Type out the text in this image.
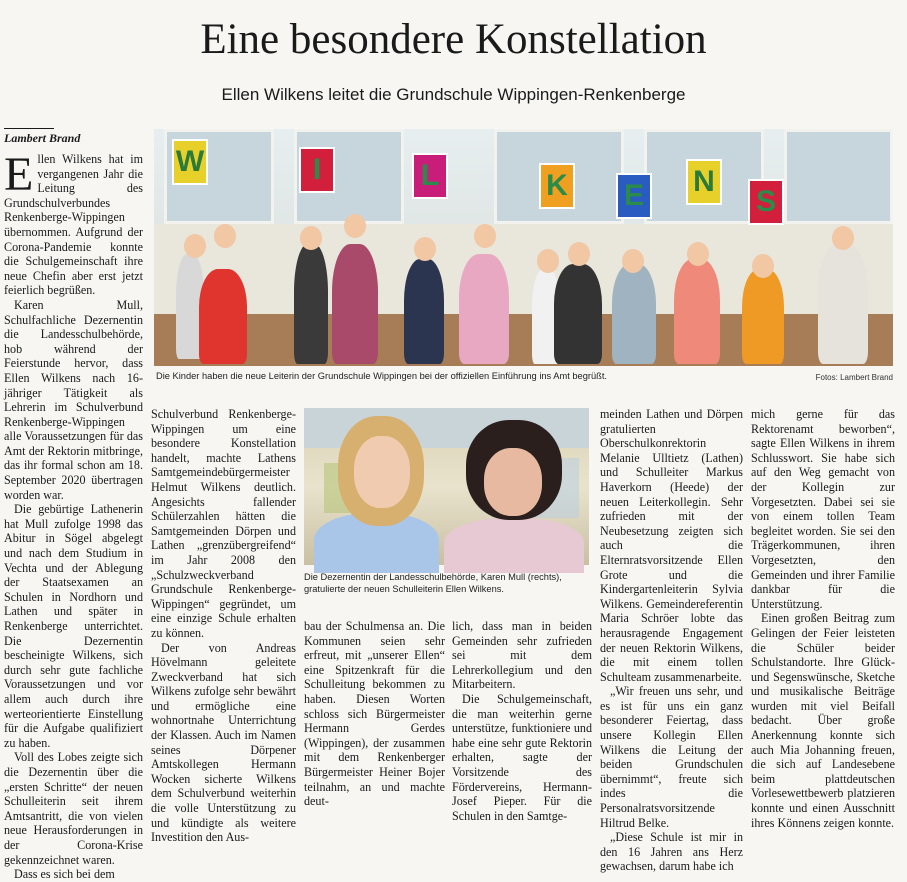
Eine besondere Konstellation
Ellen Wilkens leitet die Grundschule Wippingen-Renkenberge
Lambert Brand
W	I	L	K E N
S
Die Kinder haben die neue Leiterin der Grundschule Wippingen bei der offiziellen Einführung ins Amt begrüßt.	Fotos: Lambert Brand
Die Dezernentin der Landesschulbehörde, Karen Mull (rechts), gratulierte der neuen Schulleiterin Ellen Wilkens.

Ellen Wilkens hat im vergangenen Jahr die Leitung des Grundschulverbundes Renkenberge-Wippingen übernommen. Aufgrund der Corona-Pandemie konnte die Schulgemeinschaft ihre neue Chefin aber erst jetzt feierlich begrüßen.

Karen Mull, Schulfachliche Dezernentin die Landesschulbehörde, hob während der Feierstunde hervor, dass Ellen Wilkens nach 16-jähriger Tätigkeit als Lehrerin im Schulverbund Renkenberge-Wippingen alle Voraussetzungen für das Amt der Rektorin mitbringe, das ihr formal schon am 18. September 2020 übertragen worden war.

Die gebürtige Lathenerin hat Mull zufolge 1998 das Abitur in Sögel abgelegt und nach dem Studium in Vechta und der Ablegung der Staatsexamen an Schulen in Nordhorn und Lathen und später in Renkenberge unterrichtet. Die Dezernentin bescheinigte Wilkens, sich durch sehr gute fachliche Voraussetzungen und vor allem auch durch ihre werteorientierte Einstellung für die Aufgabe qualifiziert zu haben.

Voll des Lobes zeigte sich die Dezernentin über die „ersten Schritte“ der neuen Schulleiterin seit ihrem Amtsantritt, die von vielen neue Herausforderungen in der Corona-Krise gekennzeichnet waren.

Dass es sich bei dem

Schulverbund Renkenberge-Wippingen um eine besondere Konstellation handelt, machte Lathens Samtgemeindebürgermeister Helmut Wilkens deutlich. Angesichts fallender Schülerzahlen hätten die Samtgemeinden Dörpen und Lathen „grenzübergreifend“ im Jahr 2008 den „Schulzweckverband Grundschule Renkenberge-Wippingen“ gegründet, um eine einzige Schule erhalten zu können.

Der von Andreas Hövelmann geleitete Zweckverband hat sich Wilkens zufolge sehr bewährt und ermögliche eine wohnortnahe Unterrichtung der Klassen. Auch im Namen seines Dörpener Amtskollegen Hermann Wocken sicherte Wilkens dem Schulverbund weiterhin die volle Unterstützung zu und kündigte als weitere Investition den Aus-

bau der Schulmensa an. Die Kommunen seien sehr erfreut, mit „unserer Ellen“ eine Spitzenkraft für die Schulleitung bekommen zu haben. Diesen Worten schloss sich Bürgermeister Hermann Gerdes (Wippingen), der zusammen mit dem Renkenberger Bürgermeister Heiner Bojer teilnahm, an und machte deut-

lich, dass man in beiden Gemeinden sehr zufrieden sei mit dem Lehrerkollegium und den Mitarbeitern.

Die Schulgemeinschaft, die man weiterhin gerne unterstütze, funktioniere und habe eine sehr gute Rektorin erhalten, sagte der Vorsitzende des Fördervereins, Hermann-Josef Pieper. Für die Schulen in den Samtge-

meinden Lathen und Dörpen gratulierten Oberschulkonrektorin Melanie Ulltietz (Lathen) und Schulleiter Markus Haverkorn (Heede) der neuen Leiterkollegin. Sehr zufrieden mit der Neubesetzung zeigten sich auch die Elternratsvorsitzende Ellen Grote und die Kindergartenleiterin Sylvia Wilkens. Gemeindereferentin Maria Schröer lobte das herausragende Engagement der neuen Rektorin Wilkens, die mit einem tollen Schulteam zusammenarbeite.

„Wir freuen uns sehr, und es ist für uns ein ganz besonderer Feiertag, dass unsere Kollegin Ellen Wilkens die Leitung der beiden Grundschulen übernimmt“, freute sich indes die Personalratsvorsitzende Hiltrud Belke.

„Diese Schule ist mir in den 16 Jahren ans Herz gewachsen, darum habe ich

mich gerne für das Rektorenamt beworben“, sagte Ellen Wilkens in ihrem Schlusswort. Sie habe sich auf den Weg gemacht von der Kollegin zur Vorgesetzten. Dabei sei sie von einem tollen Team begleitet worden. Sie sei den Trägerkommunen, ihren Vorgesetzten, den Gemeinden und ihrer Familie dankbar für die Unterstützung.

Einen großen Beitrag zum Gelingen der Feier leisteten die Schüler beider Schulstandorte. Ihre Glück- und Segenswünsche, Sketche und musikalische Beiträge wurden mit viel Beifall bedacht. Über große Anerkennung konnte sich auch Mia Johanning freuen, die sich auf Landesebene beim plattdeutschen Vorlesewettbewerb platzieren konnte und einen Ausschnitt ihres Könnens zeigen konnte.
